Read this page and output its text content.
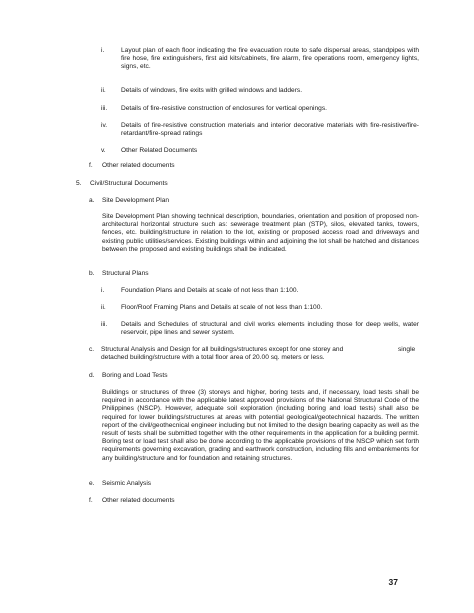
i.	Layout plan of each floor indicating the fire evacuation route to safe dispersal areas, standpipes with fire hose, fire extinguishers, first aid kits/cabinets, fire alarm, fire operations room, emergency lights, signs, etc.
ii. Details of windows, fire exits with grilled windows and ladders.
iii. Details of fire-resistive construction of enclosures for vertical openings.
iv. Details of fire-resistive construction materials and interior decorative materials with fire-resistive/fire-retardant/fire-spread ratings
v. Other Related Documents
f. Other related documents
5. Civil/Structural Documents
a. Site Development Plan
Site Development Plan showing technical description, boundaries, orientation and position of proposed non-architectural horizontal structure such as: sewerage treatment plan (STP), silos, elevated tanks, towers, fences, etc. building/structure in relation to the lot, existing or proposed access road and driveways and existing public utilities/services. Existing buildings within and adjoining the lot shall be hatched and distances between the proposed and existing buildings shall be indicated.
b. Structural Plans
i.	Foundation Plans and Details at scale of not less than 1:100.
ii. Floor/Roof Framing Plans and Details at scale of not less than 1:100.
iii. Details and Schedules of structural and civil works elements including those for deep wells, water reservoir, pipe lines and sewer system.
c. Structural Analysis and Design for all buildings/structures except for one storey and	single
detached building/structure with a total floor area of 20.00 sq. meters or less.
d. Boring and Load Tests
Buildings or structures of three (3) storeys and higher, boring tests and, if necessary, load tests shall be required in accordance with the applicable latest approved provisions of the National Structural Code of the Philippines (NSCP). However, adequate soil exploration (including boring and load tests) shall also be required for lower buildings/structures at areas with potential geological/geotechnical hazards. The written report of the civil/geothecnical engineer including but not limited to the design bearing capacity as well as the result of tests shall be submitted together with the other requirements in the application for a building permit. Boring test or load test shall also be done according to the applicable provisions of the NSCP which set forth requirements governing excavation, grading and earthwork construction, including fills and embankments for any building/structure and for foundation and retaining structures.
e. Seismic Analysis
f. Other related documents
37
